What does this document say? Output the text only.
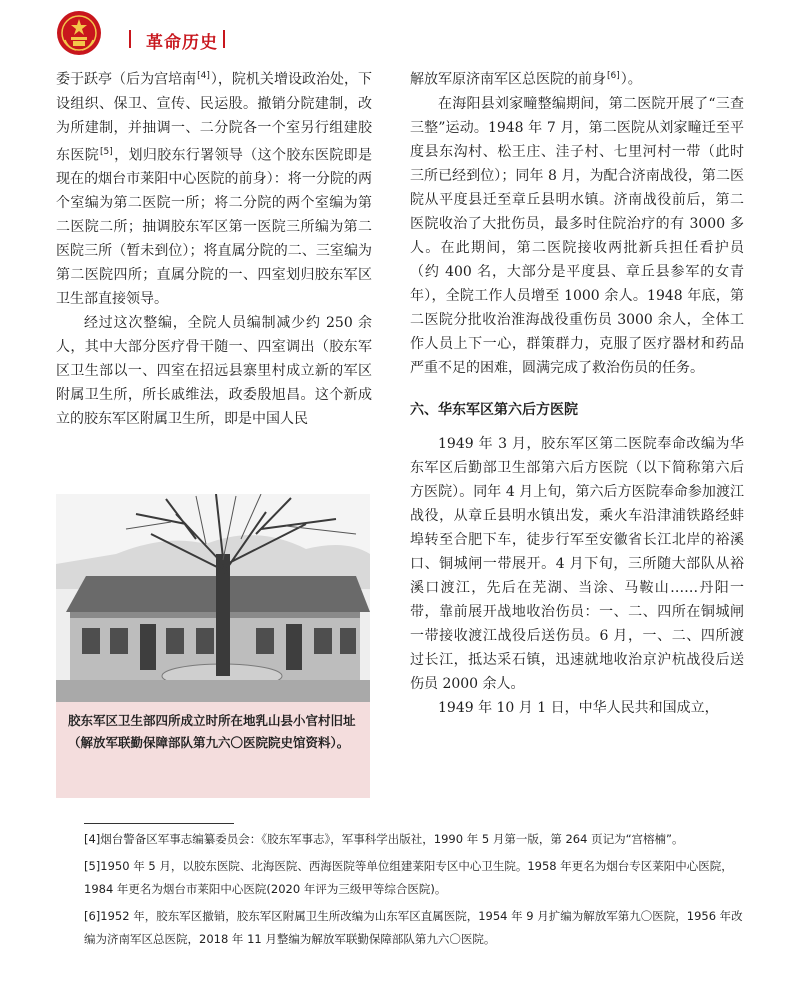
革命历史

委于跃亭（后为宫培南[4]），院机关增设政治处，下设组织、保卫、宣传、民运股。撤销分院建制，改为所建制，并抽调一、二分院各一个室另行组建胶东医院[5]，划归胶东行署领导（这个胶东医院即是现在的烟台市莱阳中心医院的前身）：将一分院的两个室编为第二医院一所；将二分院的两个室编为第二医院二所；抽调胶东军区第一医院三所编为第二医院三所（暂未到位）；将直属分院的二、三室编为第二医院四所；直属分院的一、四室划归胶东军区卫生部直接领导。

经过这次整编，全院人员编制减少约 250 余人，其中大部分医疗骨干随一、四室调出（胶东军区卫生部以一、四室在招远县寨里村成立新的军区附属卫生所，所长戚维法，政委殷旭昌。这个新成立的胶东军区附属卫生所，即是中国人民

胶东军区卫生部四所成立时所在地乳山县小官村旧址（解放军联勤保障部队第九六〇医院院史馆资料）。

解放军原济南军区总医院的前身[6]）。

在海阳县刘家疃整编期间，第二医院开展了“三查三整”运动。1948 年 7 月，第二医院从刘家疃迁至平度县东沟村、松王庄、洼子村、七里河村一带（此时三所已经到位）；同年 8 月，为配合济南战役，第二医院从平度县迁至章丘县明水镇。济南战役前后，第二医院收治了大批伤员，最多时住院治疗的有 3000 多人。在此期间，第二医院接收两批新兵担任看护员（约 400 名，大部分是平度县、章丘县参军的女青年），全院工作人员增至 1000 余人。1948 年底，第二医院分批收治淮海战役重伤员 3000 余人，全体工作人员上下一心，群策群力，克服了医疗器材和药品严重不足的困难，圆满完成了救治伤员的任务。

六、华东军区第六后方医院

1949 年 3 月，胶东军区第二医院奉命改编为华东军区后勤部卫生部第六后方医院（以下简称第六后方医院）。同年 4 月上旬，第六后方医院奉命参加渡江战役，从章丘县明水镇出发，乘火车沿津浦铁路经蚌埠转至合肥下车，徒步行军至安徽省长江北岸的裕溪口、铜城闸一带展开。4 月下旬，三所随大部队从裕溪口渡江，先后在芜湖、当涂、马鞍山……丹阳一带，靠前展开战地收治伤员：一、二、四所在铜城闸一带接收渡江战役后送伤员。6 月，一、二、四所渡过长江，抵达采石镇，迅速就地收治京沪杭战役后送伤员 2000 余人。

1949 年 10 月 1 日，中华人民共和国成立，

[4]烟台警备区军事志编纂委员会：《胶东军事志》，军事科学出版社，1990 年 5 月第一版，第 264 页记为“宫榕楠”。

[5]1950 年 5 月，以胶东医院、北海医院、西海医院等单位组建莱阳专区中心卫生院。1958 年更名为烟台专区莱阳中心医院，1984 年更名为烟台市莱阳中心医院(2020 年评为三级甲等综合医院)。

[6]1952 年，胶东军区撤销，胶东军区附属卫生所改编为山东军区直属医院，1954 年 9 月扩编为解放军第九〇医院，1956 年改编为济南军区总医院，2018 年 11 月整编为解放军联勤保障部队第九六〇医院。
